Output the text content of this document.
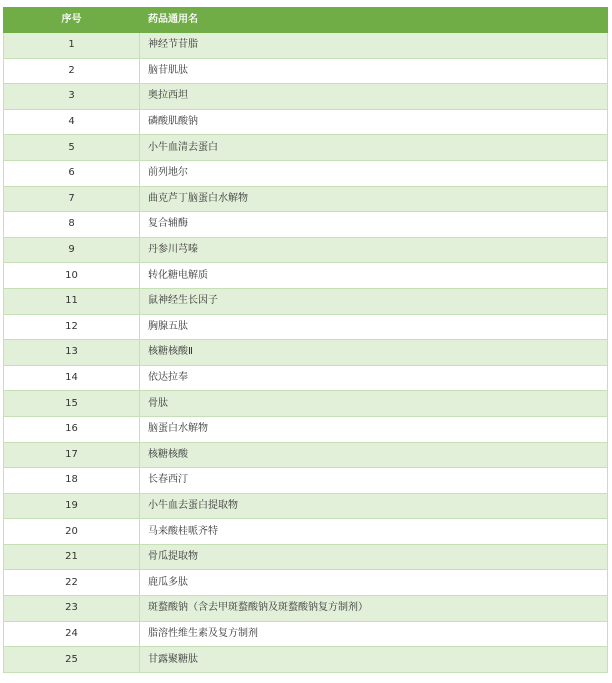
序号	药品通用名
1	神经节苷脂
2	脑苷肌肽
3	奥拉西坦
4	磷酸肌酸钠
5	小牛血清去蛋白
6	前列地尔
7	曲克芦丁脑蛋白水解物
8	复合辅酶
9	丹参川芎嗪
10	转化糖电解质
11	鼠神经生长因子
12	胸腺五肽
13	核糖核酸Ⅱ
14	依达拉奉
15	骨肽
16	脑蛋白水解物
17	核糖核酸
18	长春西汀
19	小牛血去蛋白提取物
20	马来酸桂哌齐特
21	骨瓜提取物
22	鹿瓜多肽
23	斑蝥酸钠（含去甲斑蝥酸钠及斑蝥酸钠复方制剂）
24	脂溶性维生素及复方制剂
25	甘露聚糖肽
